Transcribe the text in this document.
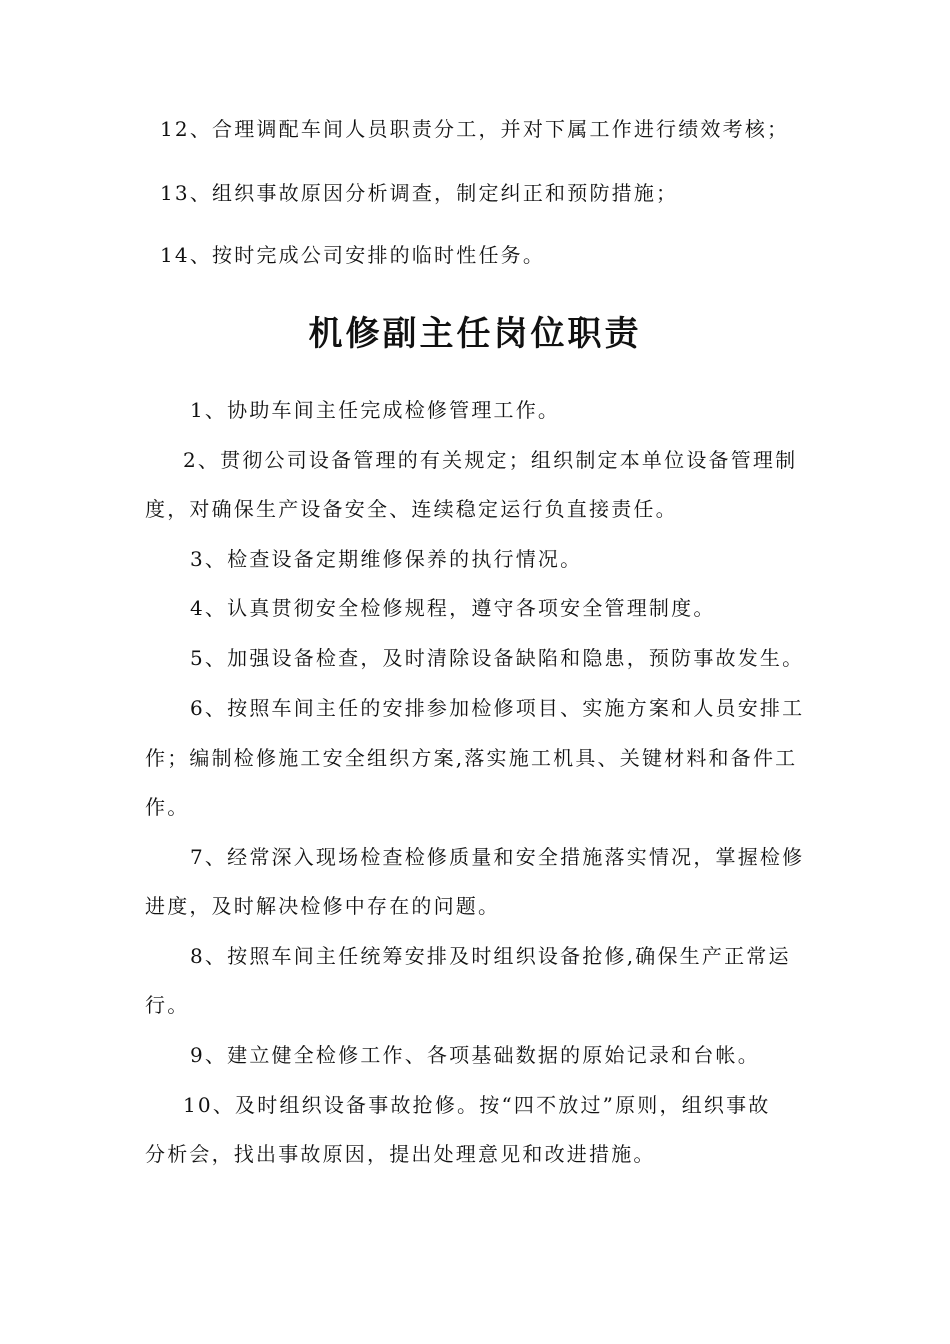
12、合理调配车间人员职责分工，并对下属工作进行绩效考核；
13、组织事故原因分析调查，制定纠正和预防措施；
14、按时完成公司安排的临时性任务。
机修副主任岗位职责
1、协助车间主任完成检修管理工作。
2、贯彻公司设备管理的有关规定；组织制定本单位设备管理制
度，对确保生产设备安全、连续稳定运行负直接责任。
3、检查设备定期维修保养的执行情况。
4、认真贯彻安全检修规程，遵守各项安全管理制度。
5、加强设备检查，及时清除设备缺陷和隐患，预防事故发生。
6、按照车间主任的安排参加检修项目、实施方案和人员安排工
作；编制检修施工安全组织方案,落实施工机具、关键材料和备件工
作。
7、经常深入现场检查检修质量和安全措施落实情况，掌握检修
进度，及时解决检修中存在的问题。
8、按照车间主任统筹安排及时组织设备抢修,确保生产正常运
行。
9、建立健全检修工作、各项基础数据的原始记录和台帐。
10、及时组织设备事故抢修。按“四不放过”原则，组织事故
分析会，找出事故原因，提出处理意见和改进措施。
